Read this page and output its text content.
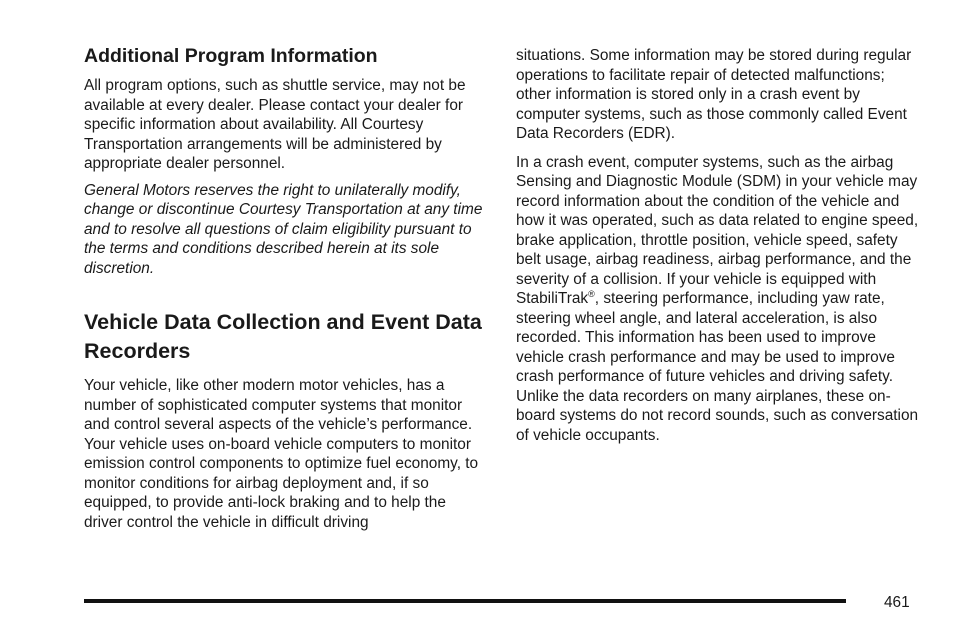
Additional Program Information

All program options, such as shuttle service, may not be available at every dealer. Please contact your dealer for specific information about availability. All Courtesy Transportation arrangements will be administered by appropriate dealer personnel.

General Motors reserves the right to unilaterally modify, change or discontinue Courtesy Transportation at any time and to resolve all questions of claim eligibility pursuant to the terms and conditions described herein at its sole discretion.

Vehicle Data Collection and Event Data Recorders

Your vehicle, like other modern motor vehicles, has a number of sophisticated computer systems that monitor and control several aspects of the vehicle’s performance. Your vehicle uses on-board vehicle computers to monitor emission control components to optimize fuel economy, to monitor conditions for airbag deployment and, if so equipped, to provide anti-lock braking and to help the driver control the vehicle in difficult driving

situations. Some information may be stored during regular operations to facilitate repair of detected malfunctions; other information is stored only in a crash event by computer systems, such as those commonly called Event Data Recorders (EDR).

In a crash event, computer systems, such as the airbag Sensing and Diagnostic Module (SDM) in your vehicle may record information about the condition of the vehicle and how it was operated, such as data related to engine speed, brake application, throttle position, vehicle speed, safety belt usage, airbag readiness, airbag performance, and the severity of a collision. If your vehicle is equipped with StabiliTrak®, steering performance, including yaw rate, steering wheel angle, and lateral acceleration, is also recorded. This information has been used to improve vehicle crash performance and may be used to improve crash performance of future vehicles and driving safety. Unlike the data recorders on many airplanes, these on-board systems do not record sounds, such as conversation of vehicle occupants.

461
